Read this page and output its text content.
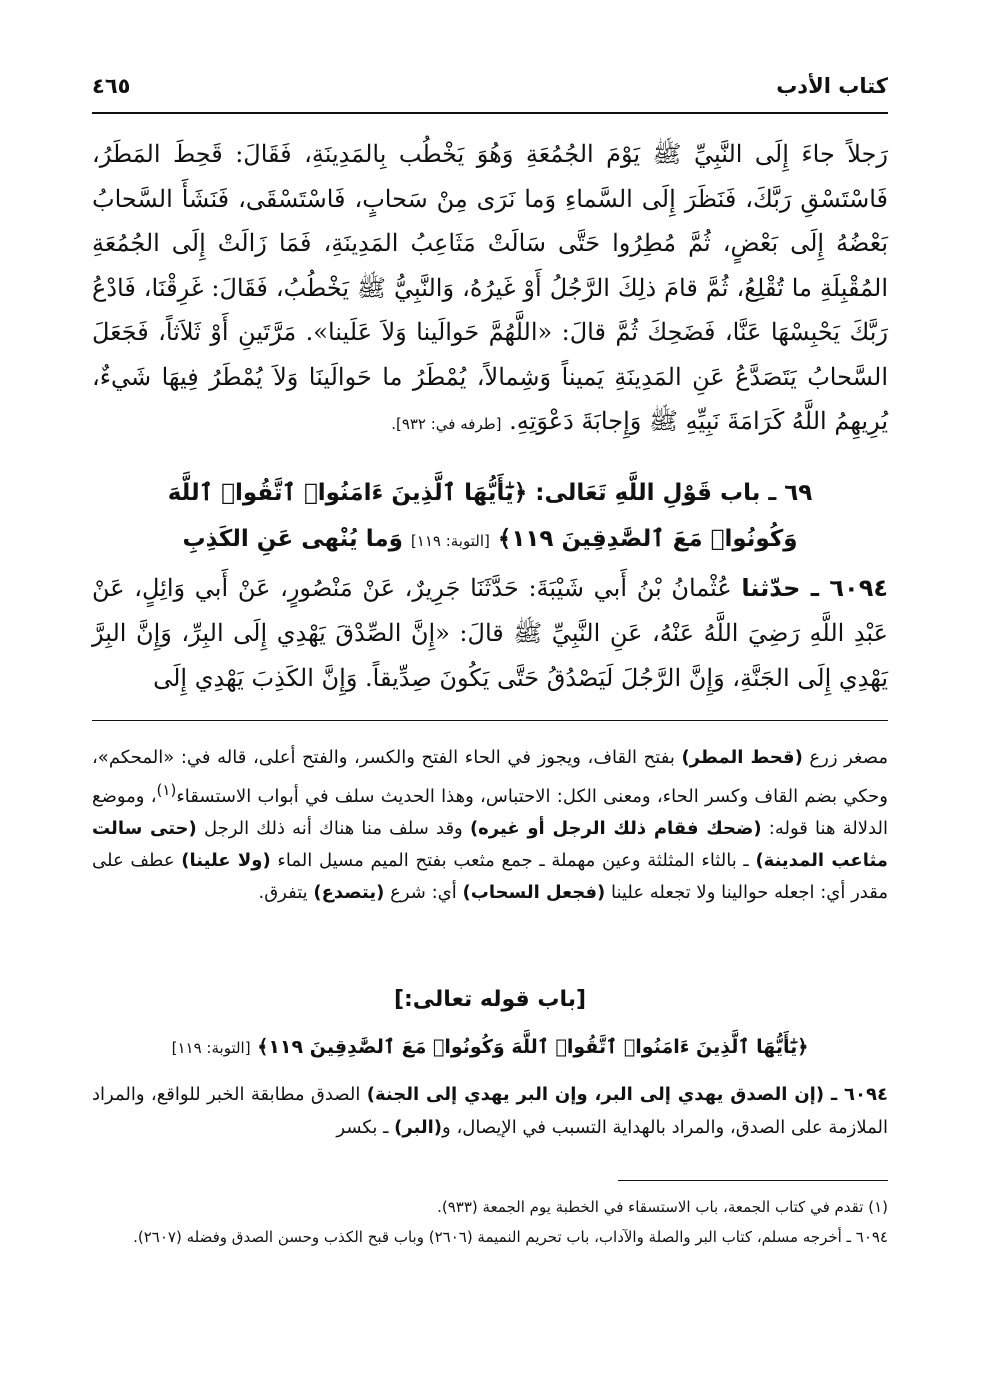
كتاب الأدب
٤٦٥

رَجلاً جاءَ إِلَى النَّبِيِّ ﷺ يَوْمَ الجُمُعَةِ وَهُوَ يَخْطُب بِالمَدِينَةِ، فَقَالَ: قَحِطَ المَطَرُ، فَاسْتَسْقِ رَبَّكَ، فَنَظَرَ إِلَى السَّماءِ وَما نَرَى مِنْ سَحابٍ، فَاسْتَسْقَى، فَنَشَأَ السَّحابُ بَعْضُهُ إِلَى بَعْضٍ، ثُمَّ مُطِرُوا حَتَّى سَالَتْ مَثَاعِبُ المَدِينَةِ، فَمَا زَالَتْ إِلَى الجُمُعَةِ المُقْبِلَةِ ما تُقْلِعُ، ثُمَّ قامَ ذلِكَ الرَّجُلُ أَوْ غَيرُهُ، وَالنَّبِيُّ ﷺ يَخْطُبُ، فَقَالَ: غَرِقْنَا، فَادْعُ رَبَّكَ يَحْبِسْهَا عَنَّا، فَضَحِكَ ثُمَّ قالَ: «اللَّهُمَّ حَوالَينا وَلاَ عَلَينا». مَرَّتَينِ أَوْ ثَلاَثاً، فَجَعَلَ السَّحابُ يَتَصَدَّعُ عَنِ المَدِينَةِ يَميناً وَشِمالاً، يُمْطَرُ ما حَوالَينَا وَلاَ يُمْطَرُ فِيهَا شَيءٌ، يُرِيهِمُ اللَّهُ كَرَامَةَ نَبِيِّهِ ﷺ وَإِجابَةَ دَعْوَتِهِ. [طرفه في: ٩٣٢].

٦٩ ـ باب قَوْلِ اللَّهِ تَعَالى: ﴿يَٰٓأَيُّهَا ٱلَّذِينَ ءَامَنُوا۟ ٱتَّقُوا۟ ٱللَّهَ
وَكُونُوا۟ مَعَ ٱلصَّٰدِقِينَ ١١٩﴾ [التوبة: ١١٩] وَما يُنْهى عَنِ الكَذِبِ
٦٠٩٤ ـ حدّثنا عُثْمانُ بْنُ أَبي شَيْبَةَ: حَدَّثَنَا جَرِيرٌ، عَنْ مَنْصُورٍ، عَنْ أَبي وَائِلٍ، عَنْ عَبْدِ اللَّهِ رَضِيَ اللَّهُ عَنْهُ، عَنِ النَّبِيِّ ﷺ قالَ: «إِنَّ الصِّدْقَ يَهْدِي إِلَى البِرِّ، وَإِنَّ البِرَّ يَهْدِي إِلَى الجَنَّةِ، وَإِنَّ الرَّجُلَ لَيَصْدُقُ حَتَّى يَكُونَ صِدِّيقاً. وَإِنَّ الكَذِبَ يَهْدِي إِلَى
مصغر زرع (قحط المطر) بفتح القاف، ويجوز في الحاء الفتح والكسر، والفتح أعلى، قاله في: «المحكم»، وحكي بضم القاف وكسر الحاء، ومعنى الكل: الاحتباس، وهذا الحديث سلف في أبواب الاستسقاء$^{(١)}$، وموضع الدلالة هنا قوله: (ضحك فقام ذلك الرجل أو غيره) وقد سلف منا هناك أنه ذلك الرجل (حتى سالت مثاعب المدينة) ـ بالثاء المثلثة وعين مهملة ـ جمع مثعب بفتح الميم مسيل الماء (ولا علينا) عطف على مقدر أي: اجعله حوالينا ولا تجعله علينا (فجعل السحاب) أي: شرع (يتصدع) يتفرق.
[باب قوله تعالى:]
﴿يَٰٓأَيُّهَا ٱلَّذِينَ ءَامَنُوا۟ ٱتَّقُوا۟ ٱللَّهَ وَكُونُوا۟ مَعَ ٱلصَّٰدِقِينَ ١١٩﴾ [التوبة: ١١٩]
٦٠٩٤ ـ (إن الصدق يهدي إلى البر، وإن البر يهدي إلى الجنة) الصدق مطابقة الخبر للواقع، والمراد الملازمة على الصدق، والمراد بالهداية التسبب في الإيصال، و(البر) ـ بكسر

(١) تقدم في كتاب الجمعة، باب الاستسقاء في الخطبة يوم الجمعة (٩٣٣).

٦٠٩٤ ـ أخرجه مسلم، كتاب البر والصلة والآداب، باب تحريم النميمة (٢٦٠٦) وباب قبح الكذب وحسن الصدق وفضله (٢٦٠٧).
